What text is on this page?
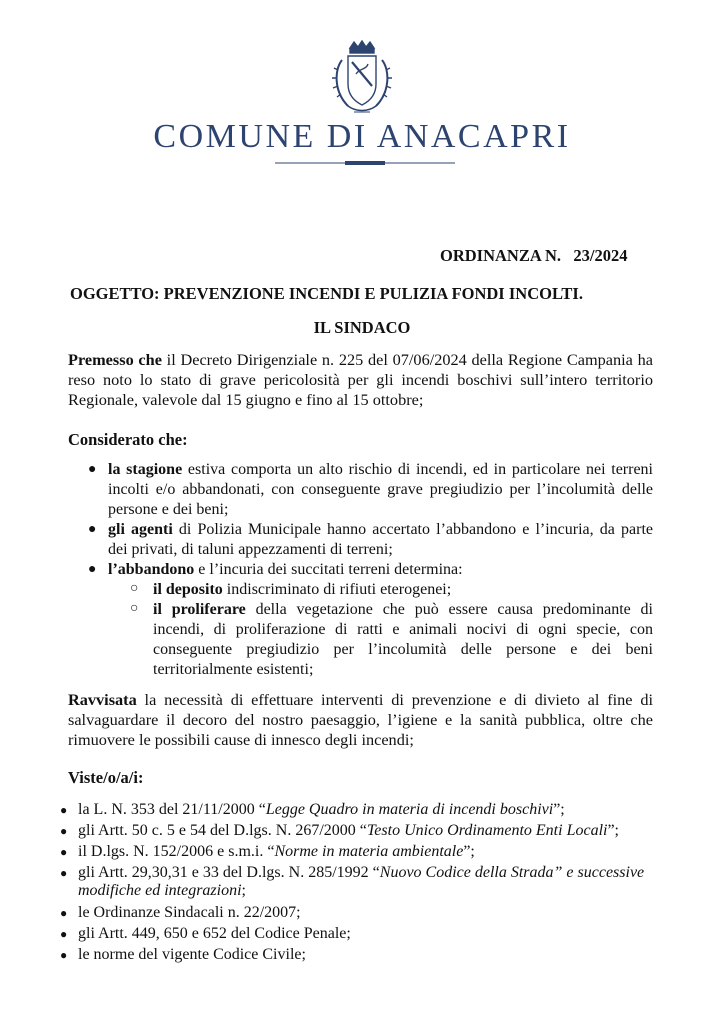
COMUNE DI ANACAPRI
ORDINANZA N.   23/2024
OGGETTO: PREVENZIONE INCENDI E PULIZIA FONDI INCOLTI.
IL SINDACO
Premesso che il Decreto Dirigenziale n. 225 del 07/06/2024 della Regione Campania ha reso noto lo stato di grave pericolosità per gli incendi boschivi sull’intero territorio Regionale, valevole dal 15 giugno e fino al 15 ottobre;
Considerato che:
● la stagione estiva comporta un alto rischio di incendi, ed in particolare nei terreni incolti e/o abbandonati, con conseguente grave pregiudizio per l’incolumità delle persone e dei beni;
● gli agenti di Polizia Municipale hanno accertato l’abbandono e l’incuria, da parte dei privati, di taluni appezzamenti di terreni;
● l’abbandono e l’incuria dei succitati terreni determina:
○ il deposito indiscriminato di rifiuti eterogenei;
○ il proliferare della vegetazione che può essere causa predominante di incendi, di proliferazione di ratti e animali nocivi di ogni specie, con conseguente pregiudizio per l’incolumità delle persone e dei beni territorialmente esistenti;
Ravvisata la necessità di effettuare interventi di prevenzione e di divieto al fine di salvaguardare il decoro del nostro paesaggio, l’igiene e la sanità pubblica, oltre che rimuovere le possibili cause di innesco degli incendi;
Viste/o/a/i:
● la L. N. 353 del 21/11/2000 “Legge Quadro in materia di incendi boschivi”;
● gli Artt. 50 c. 5 e 54 del D.lgs. N. 267/2000 “Testo Unico Ordinamento Enti Locali”;
● il D.lgs. N. 152/2006 e s.m.i. “Norme in materia ambientale”;
● gli Artt. 29,30,31 e 33 del D.lgs. N. 285/1992 “Nuovo Codice della Strada” e successive
modifiche ed integrazioni;
● le Ordinanze Sindacali n. 22/2007;
● gli Artt. 449, 650 e 652 del Codice Penale;
● le norme del vigente Codice Civile;
